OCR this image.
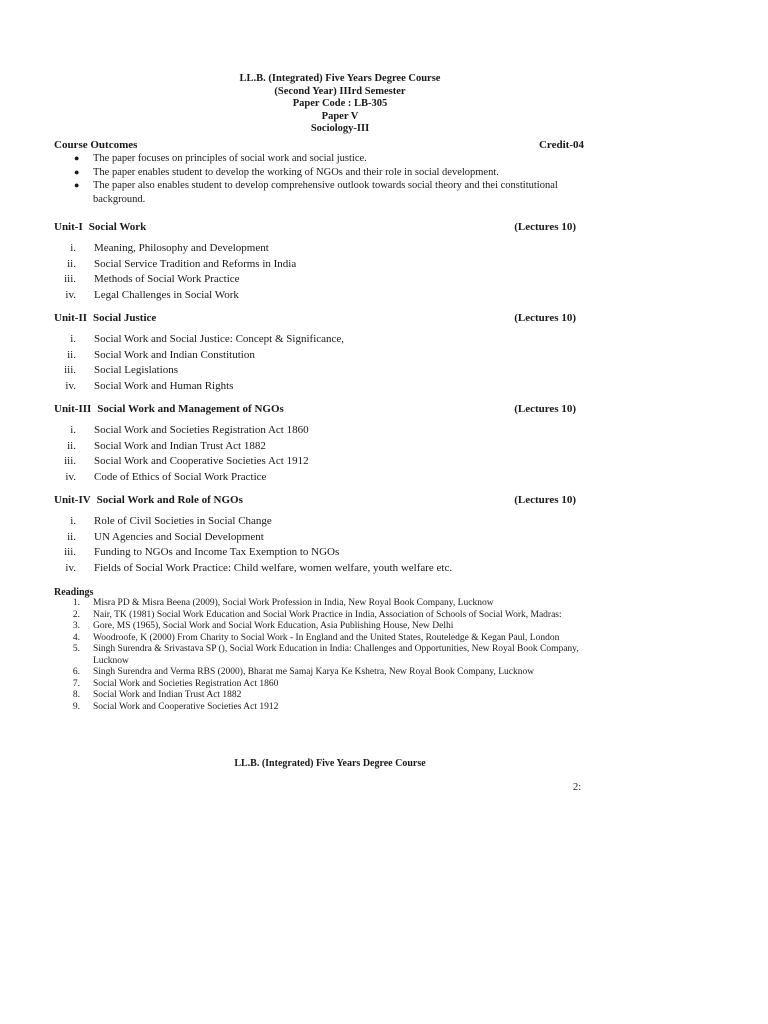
LL.B. (Integrated) Five Years Degree Course
(Second Year) IIIrd Semester
Paper Code : LB-305
Paper V
Sociology-III
Course Outcomes	Credit-04
● The paper focuses on principles of social work and social justice.
● The paper enables student to develop the working of NGOs and their role in social development.
● The paper also enables student to develop comprehensive outlook towards social theory and thei constitutional background.
Unit-I Social Work	(Lectures 10)
i. Meaning, Philosophy and Development
ii. Social Service Tradition and Reforms in India
iii. Methods of Social Work Practice
iv. Legal Challenges in Social Work
Unit-II Social Justice	(Lectures 10)
i. Social Work and Social Justice: Concept & Significance,
ii. Social Work and Indian Constitution
iii. Social Legislations
iv. Social Work and Human Rights
Unit-III Social Work and Management of NGOs	(Lectures 10)
i. Social Work and Societies Registration Act 1860
ii. Social Work and Indian Trust Act 1882
iii. Social Work and Cooperative Societies Act 1912
iv. Code of Ethics of Social Work Practice
Unit-IV Social Work and Role of NGOs	(Lectures 10)
i. Role of Civil Societies in Social Change
ii. UN Agencies and Social Development
iii. Funding to NGOs and Income Tax Exemption to NGOs
iv. Fields of Social Work Practice: Child welfare, women welfare, youth welfare etc.
Readings
1. Misra PD & Misra Beena (2009), Social Work Profession in India, New Royal Book Company, Lucknow
2. Nair, TK (1981) Social Work Education and Social Work Practice in India, Association of Schools of Social Work, Madras:
3. Gore, MS (1965), Social Work and Social Work Education, Asia Publishing House, New Delhi
4. Woodroofe, K (2000) From Charity to Social Work - In England and the United States, Routeledge & Kegan Paul, London
5. Singh Surendra & Srivastava SP (), Social Work Education in India: Challenges and Opportunities, New Royal Book Company, Lucknow
6. Singh Surendra and Verma RBS (2000), Bharat me Samaj Karya Ke Kshetra, New Royal Book Company, Lucknow
7. Social Work and Societies Registration Act 1860
8. Social Work and Indian Trust Act 1882
9. Social Work and Cooperative Societies Act 1912
LL.B. (Integrated) Five Years Degree Course
2:
